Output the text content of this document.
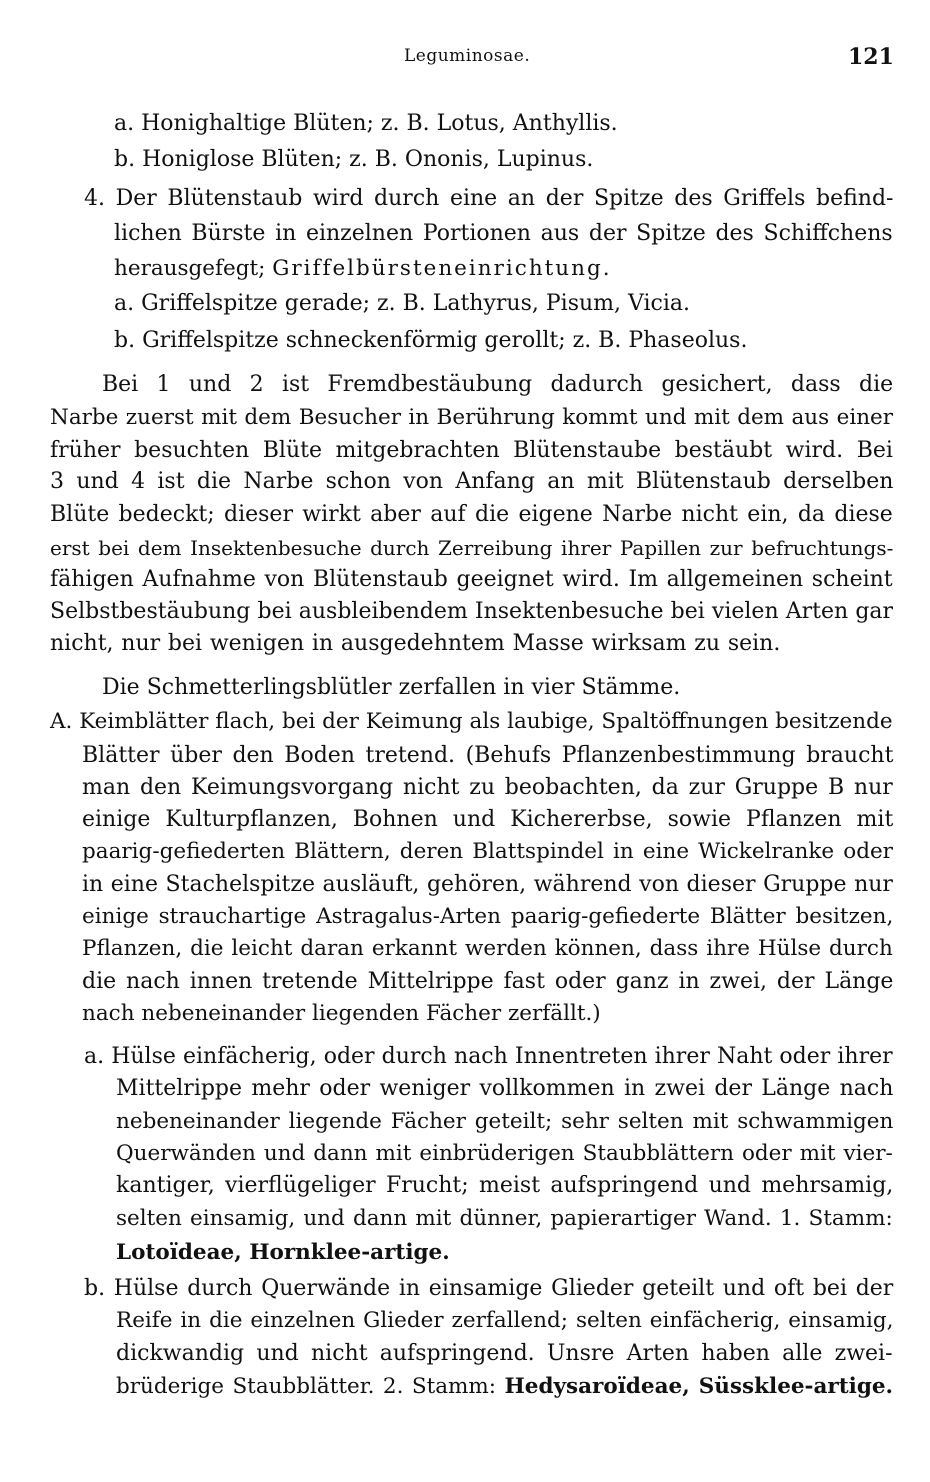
Leguminosae.	121
a. Honighaltige Blüten; z. B. Lotus, Anthyllis.
b. Honiglose Blüten; z. B. Ononis, Lupinus.
4. Der Blütenstaub wird durch eine an der Spitze des Griffels befind-
lichen Bürste in einzelnen Portionen aus der Spitze des Schiffchens
herausgefegt; Griffelbürsteneinrichtung.
a. Griffelspitze gerade; z. B. Lathyrus, Pisum, Vicia.
b. Griffelspitze schneckenförmig gerollt; z. B. Phaseolus.
Bei 1 und 2 ist Fremdbestäubung dadurch gesichert, dass die
Narbe zuerst mit dem Besucher in Berührung kommt und mit dem aus einer
früher besuchten Blüte mitgebrachten Blütenstaube bestäubt wird. Bei
3 und 4 ist die Narbe schon von Anfang an mit Blütenstaub derselben
Blüte bedeckt; dieser wirkt aber auf die eigene Narbe nicht ein, da diese
erst bei dem Insektenbesuche durch Zerreibung ihrer Papillen zur befruchtungs-
fähigen Aufnahme von Blütenstaub geeignet wird. Im allgemeinen scheint
Selbstbestäubung bei ausbleibendem Insektenbesuche bei vielen Arten gar
nicht, nur bei wenigen in ausgedehntem Masse wirksam zu sein.
Die Schmetterlingsblütler zerfallen in vier Stämme.
A. Keimblätter flach, bei der Keimung als laubige, Spaltöffnungen besitzende
Blätter über den Boden tretend. (Behufs Pflanzenbestimmung braucht
man den Keimungsvorgang nicht zu beobachten, da zur Gruppe B nur
einige Kulturpflanzen, Bohnen und Kichererbse, sowie Pflanzen mit
paarig-gefiederten Blättern, deren Blattspindel in eine Wickelranke oder
in eine Stachelspitze ausläuft, gehören, während von dieser Gruppe nur
einige strauchartige Astragalus-Arten paarig-gefiederte Blätter besitzen,
Pflanzen, die leicht daran erkannt werden können, dass ihre Hülse durch
die nach innen tretende Mittelrippe fast oder ganz in zwei, der Länge
nach nebeneinander liegenden Fächer zerfällt.)
a. Hülse einfächerig, oder durch nach Innentreten ihrer Naht oder ihrer
Mittelrippe mehr oder weniger vollkommen in zwei der Länge nach
nebeneinander liegende Fächer geteilt; sehr selten mit schwammigen
Querwänden und dann mit einbrüderigen Staubblättern oder mit vier-
kantiger, vierflügeliger Frucht; meist aufspringend und mehrsamig,
selten einsamig, und dann mit dünner, papierartiger Wand. 1. Stamm:
Lotoïdeae, Hornklee-artige.
b. Hülse durch Querwände in einsamige Glieder geteilt und oft bei der
Reife in die einzelnen Glieder zerfallend; selten einfächerig, einsamig,
dickwandig und nicht aufspringend. Unsre Arten haben alle zwei-
brüderige Staubblätter. 2. Stamm: Hedysaroïdeae, Süssklee-artige.
